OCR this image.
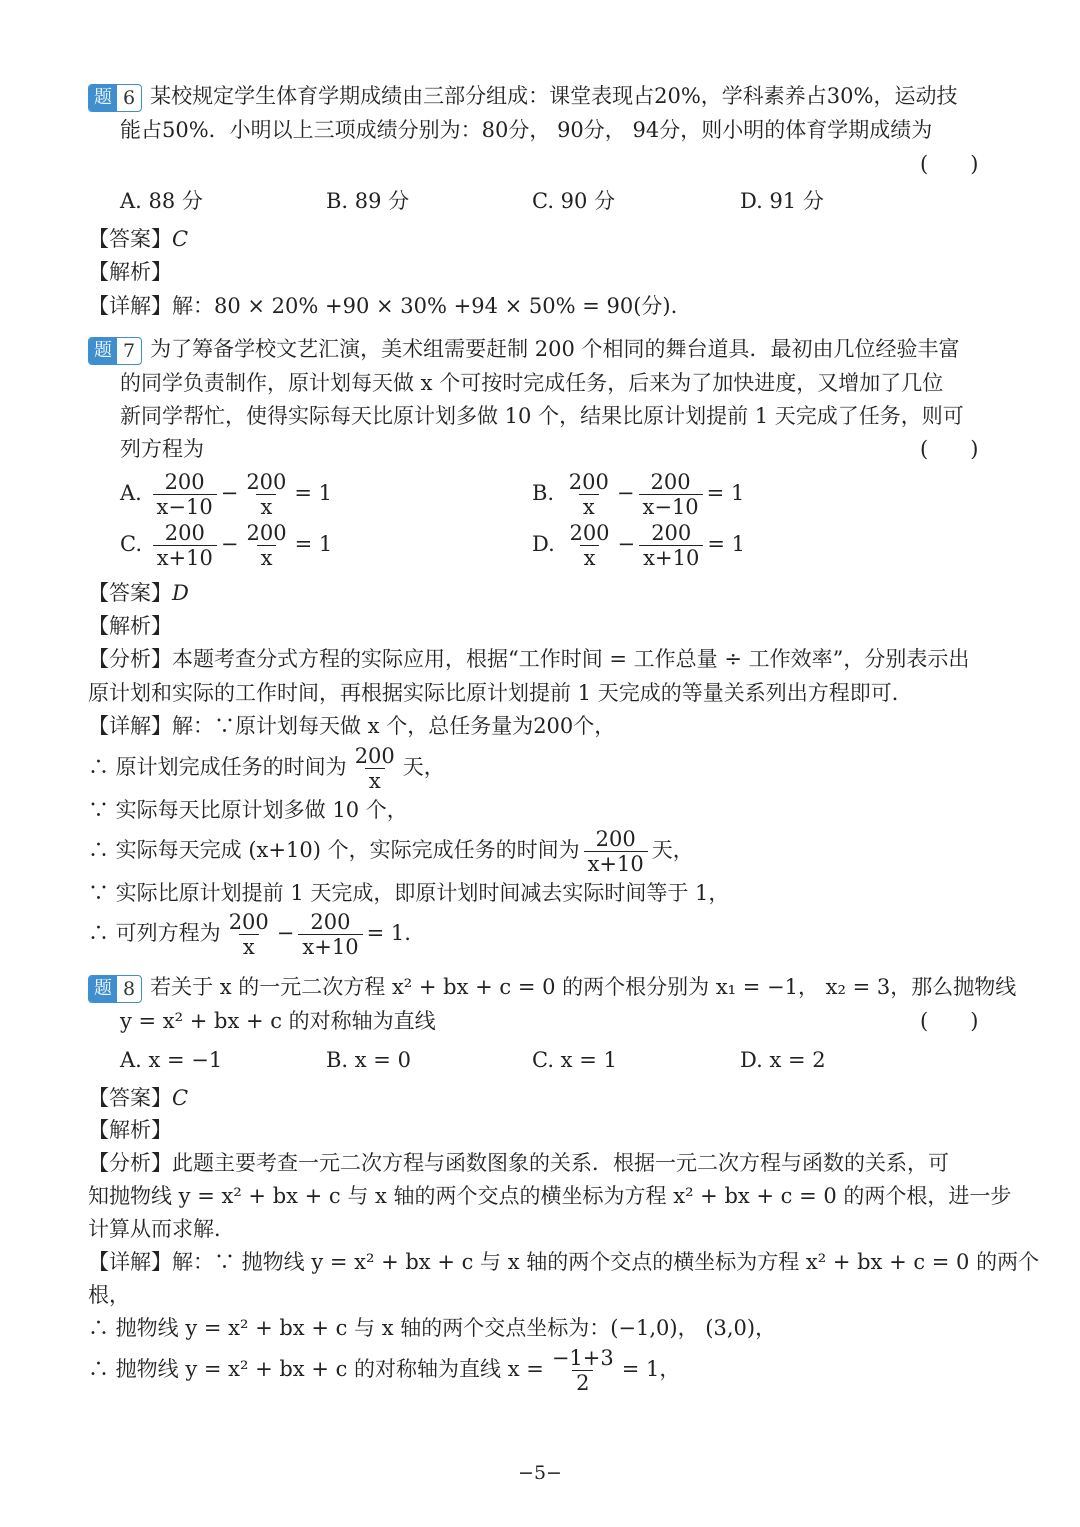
题 6 某校规定学生体育学期成绩由三部分组成：课堂表现占20%，学科素养占30%，运动技
能占50%．小明以上三项成绩分别为：80分， 90分， 94分，则小明的体育学期成绩为
(　　)
A. 88 分	B. 89 分	C. 90 分	D. 91 分
【答案】C
【解析】
【详解】解：80 × 20% +90 × 30% +94 × 50% = 90(分).
题 7 为了筹备学校文艺汇演，美术组需要赶制 200 个相同的舞台道具．最初由几位经验丰富
的同学负责制作，原计划每天做 x 个可按时完成任务，后来为了加快进度，又增加了几位
新同学帮忙，使得实际每天比原计划多做 10 个，结果比原计划提前 1 天完成了任务，则可
列方程为	(　　)
A. $\frac{200}{x-10} - \frac{200}{x} = 1$	B. $\frac{200}{x} - \frac{200}{x-10} = 1$
C. $\frac{200}{x+10} - \frac{200}{x} = 1$	D. $\frac{200}{x} - \frac{200}{x+10} = 1$
【答案】D
【解析】
【分析】本题考查分式方程的实际应用，根据“工作时间 = 工作总量 ÷ 工作效率”，分别表示出
原计划和实际的工作时间，再根据实际比原计划提前 1 天完成的等量关系列出方程即可．
【详解】解：∵原计划每天做 x 个，总任务量为200个，
∴ 原计划完成任务的时间为 $\frac{200}{x}$ 天，
∵ 实际每天比原计划多做 10 个，
∴ 实际每天完成 (x+10) 个，实际完成任务的时间为 $\frac{200}{x+10}$ 天，
∵ 实际比原计划提前 1 天完成，即原计划时间减去实际时间等于 1，
∴ 可列方程为 $\frac{200}{x} - \frac{200}{x+10} = 1$.
题 8 若关于 x 的一元二次方程 x² + bx + c = 0 的两个根分别为 x₁ = −1， x₂ = 3，那么抛物线
y = x² + bx + c 的对称轴为直线	(　　)
A. x = −1	B. x = 0	C. x = 1	D. x = 2
【答案】C
【解析】
【分析】此题主要考查一元二次方程与函数图象的关系．根据一元二次方程与函数的关系，可
知抛物线 y = x² + bx + c 与 x 轴的两个交点的横坐标为方程 x² + bx + c = 0 的两个根，进一步
计算从而求解．
【详解】解：∵ 抛物线 y = x² + bx + c 与 x 轴的两个交点的横坐标为方程 x² + bx + c = 0 的两个
根，
∴ 抛物线 y = x² + bx + c 与 x 轴的两个交点坐标为：(−1,0)， (3,0)，
∴ 抛物线 y = x² + bx + c 的对称轴为直线 $x = \frac{-1+3}{2} = 1$，
−5−
